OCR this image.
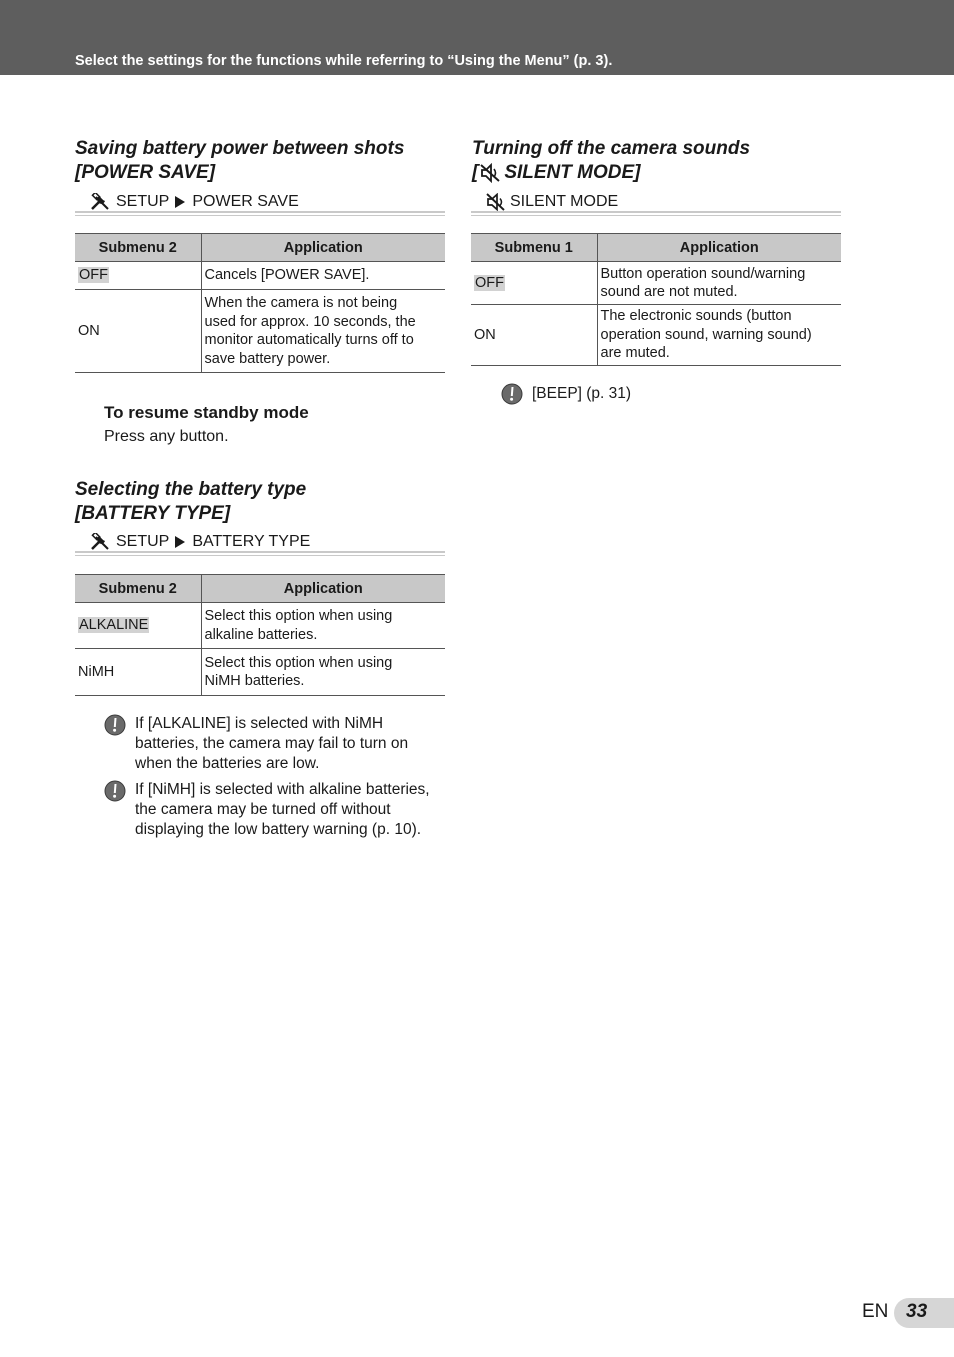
Select the settings for the functions while referring to “Using the Menu” (p. 3).
Saving battery power between shots
[POWER SAVE]
SETUP POWER SAVE
Submenu 2	Application
OFF	Cancels [POWER SAVE].
ON	When the camera is not being
used for approx. 10 seconds, the
monitor automatically turns off to
save battery power.
To resume standby mode
Press any button.
Selecting the battery type
[BATTERY TYPE]
SETUP BATTERY TYPE
Submenu 2	Application
ALKALINE	Select this option when using
alkaline batteries.

NiMH	Select this option when using
NiMH batteries.
If [ALKALINE] is selected with NiMH
batteries, the camera may fail to turn on
when the batteries are low.
If [NiMH] is selected with alkaline batteries,
the camera may be turned off without
displaying the low battery warning (p. 10).
Turning off the camera sounds
[ SILENT MODE]
SILENT MODE
Submenu 1	Application
OFF	Button operation sound/warning
sound are not muted.

ON	The electronic sounds (button
operation sound, warning sound)
are muted.
[BEEP] (p. 31)
EN 33
